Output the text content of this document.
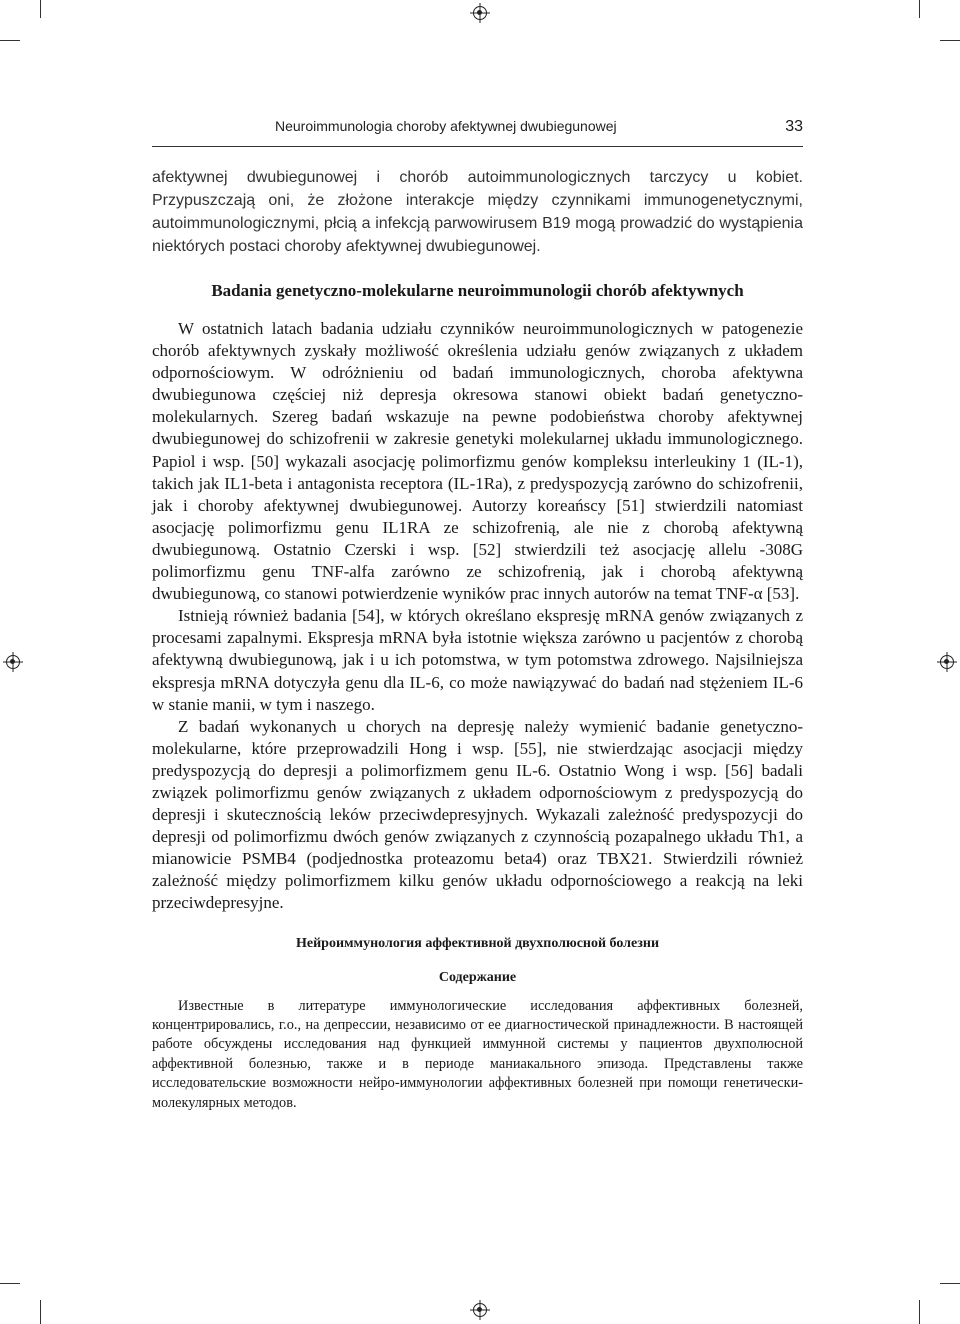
Neuroimmunologia choroby afektywnej dwubiegunowej	33

afektywnej dwubiegunowej i chorób autoimmunologicznych tarczycy u kobiet. Przypuszczają oni, że złożone interakcje między czynnikami immunogenetycznymi, autoimmunologicznymi, płcią a infekcją parwowirusem B19 mogą prowadzić do wystąpienia niektórych postaci choroby afektywnej dwubiegunowej.

Badania genetyczno-molekularne neuroimmunologii chorób afektywnych

W ostatnich latach badania udziału czynników neuroimmunologicznych w patogenezie chorób afektywnych zyskały możliwość określenia udziału genów związanych z układem odpornościowym. W odróżnieniu od badań immunologicznych, choroba afektywna dwubiegunowa częściej niż depresja okresowa stanowi obiekt badań genetyczno-molekularnych. Szereg badań wskazuje na pewne podobieństwa choroby afektywnej dwubiegunowej do schizofrenii w zakresie genetyki molekularnej układu immunologicznego. Papiol i wsp. [50] wykazali asocjację polimorfizmu genów kompleksu interleukiny 1 (IL-1), takich jak IL1-beta i antagonista receptora (IL-1Ra), z predyspozycją zarówno do schizofrenii, jak i choroby afektywnej dwubiegunowej. Autorzy koreańscy [51] stwierdzili natomiast asocjację polimorfizmu genu IL1RA ze schizofrenią, ale nie z chorobą afektywną dwubiegunową. Ostatnio Czerski i wsp. [52] stwierdzili też asocjację allelu -308G polimorfizmu genu TNF-alfa zarówno ze schizofrenią, jak i chorobą afektywną dwubiegunową, co stanowi potwierdzenie wyników prac innych autorów na temat TNF-α [53].

Istnieją również badania [54], w których określano ekspresję mRNA genów związanych z procesami zapalnymi. Ekspresja mRNA była istotnie większa zarówno u pacjentów z chorobą afektywną dwubiegunową, jak i u ich potomstwa, w tym potomstwa zdrowego. Najsilniejsza ekspresja mRNA dotyczyła genu dla IL-6, co może nawiązywać do badań nad stężeniem IL-6 w stanie manii, w tym i naszego.

Z badań wykonanych u chorych na depresję należy wymienić badanie genetyczno-molekularne, które przeprowadzili Hong i wsp. [55], nie stwierdzając asocjacji między predyspozycją do depresji a polimorfizmem genu IL-6. Ostatnio Wong i wsp. [56] badali związek polimorfizmu genów związanych z układem odpornościowym z predyspozycją do depresji i skutecznością leków przeciwdepresyjnych. Wykazali zależność predyspozycji do depresji od polimorfizmu dwóch genów związanych z czynnością pozapalnego układu Th1, a mianowicie PSMB4 (podjednostka proteazomu beta4) oraz TBX21. Stwierdzili również zależność między polimorfizmem kilku genów układu odpornościowego a reakcją na leki przeciwdepresyjne.

Нейроиммунология аффективной двухполюсной болезни
Содержание

Известные в литературе иммунологические исследования аффективных болезней, концентрировались, г.о., на депрессии, независимо от ее диагностической принадлежности. В настоящей работе обсуждены исследования над функцией иммунной системы у пациентов двухполюсной аффективной болезнью, также и в периоде маниакального эпизода. Представлены также исследовательские возможности нейро-иммунологии аффективных болезней при помощи генетически-молекулярных методов.
